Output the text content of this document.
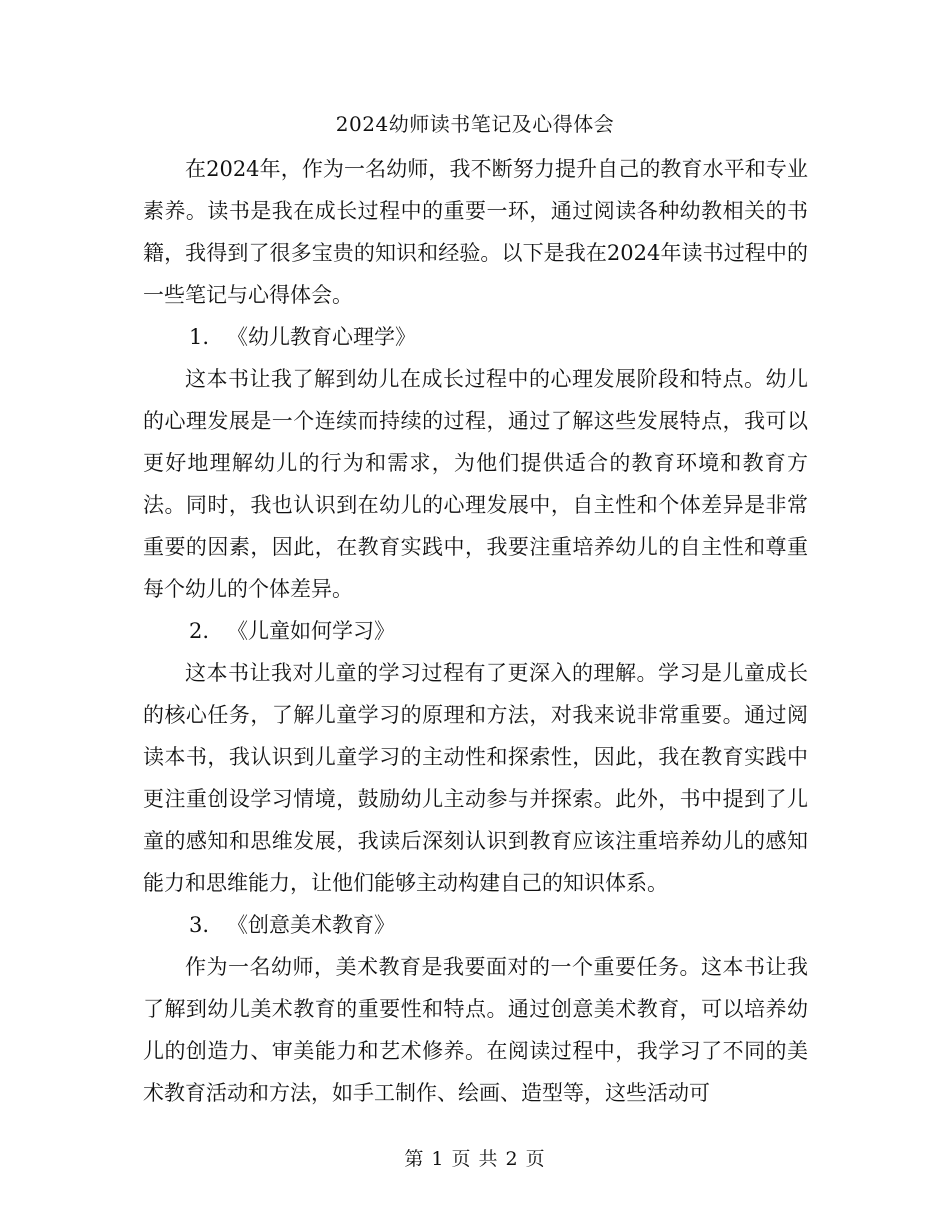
2024幼师读书笔记及心得体会

在2024年，作为一名幼师，我不断努力提升自己的教育水平和专业素养。读书是我在成长过程中的重要一环，通过阅读各种幼教相关的书籍，我得到了很多宝贵的知识和经验。以下是我在2024年读书过程中的一些笔记与心得体会。

1. 《幼儿教育心理学》

这本书让我了解到幼儿在成长过程中的心理发展阶段和特点。幼儿的心理发展是一个连续而持续的过程，通过了解这些发展特点，我可以更好地理解幼儿的行为和需求，为他们提供适合的教育环境和教育方法。同时，我也认识到在幼儿的心理发展中，自主性和个体差异是非常重要的因素，因此，在教育实践中，我要注重培养幼儿的自主性和尊重每个幼儿的个体差异。

2. 《儿童如何学习》

这本书让我对儿童的学习过程有了更深入的理解。学习是儿童成长的核心任务，了解儿童学习的原理和方法，对我来说非常重要。通过阅读本书，我认识到儿童学习的主动性和探索性，因此，我在教育实践中更注重创设学习情境，鼓励幼儿主动参与并探索。此外，书中提到了儿童的感知和思维发展，我读后深刻认识到教育应该注重培养幼儿的感知能力和思维能力，让他们能够主动构建自己的知识体系。

3. 《创意美术教育》

作为一名幼师，美术教育是我要面对的一个重要任务。这本书让我了解到幼儿美术教育的重要性和特点。通过创意美术教育，可以培养幼儿的创造力、审美能力和艺术修养。在阅读过程中，我学习了不同的美术教育活动和方法，如手工制作、绘画、造型等，这些活动可

第 1 页 共 2 页
